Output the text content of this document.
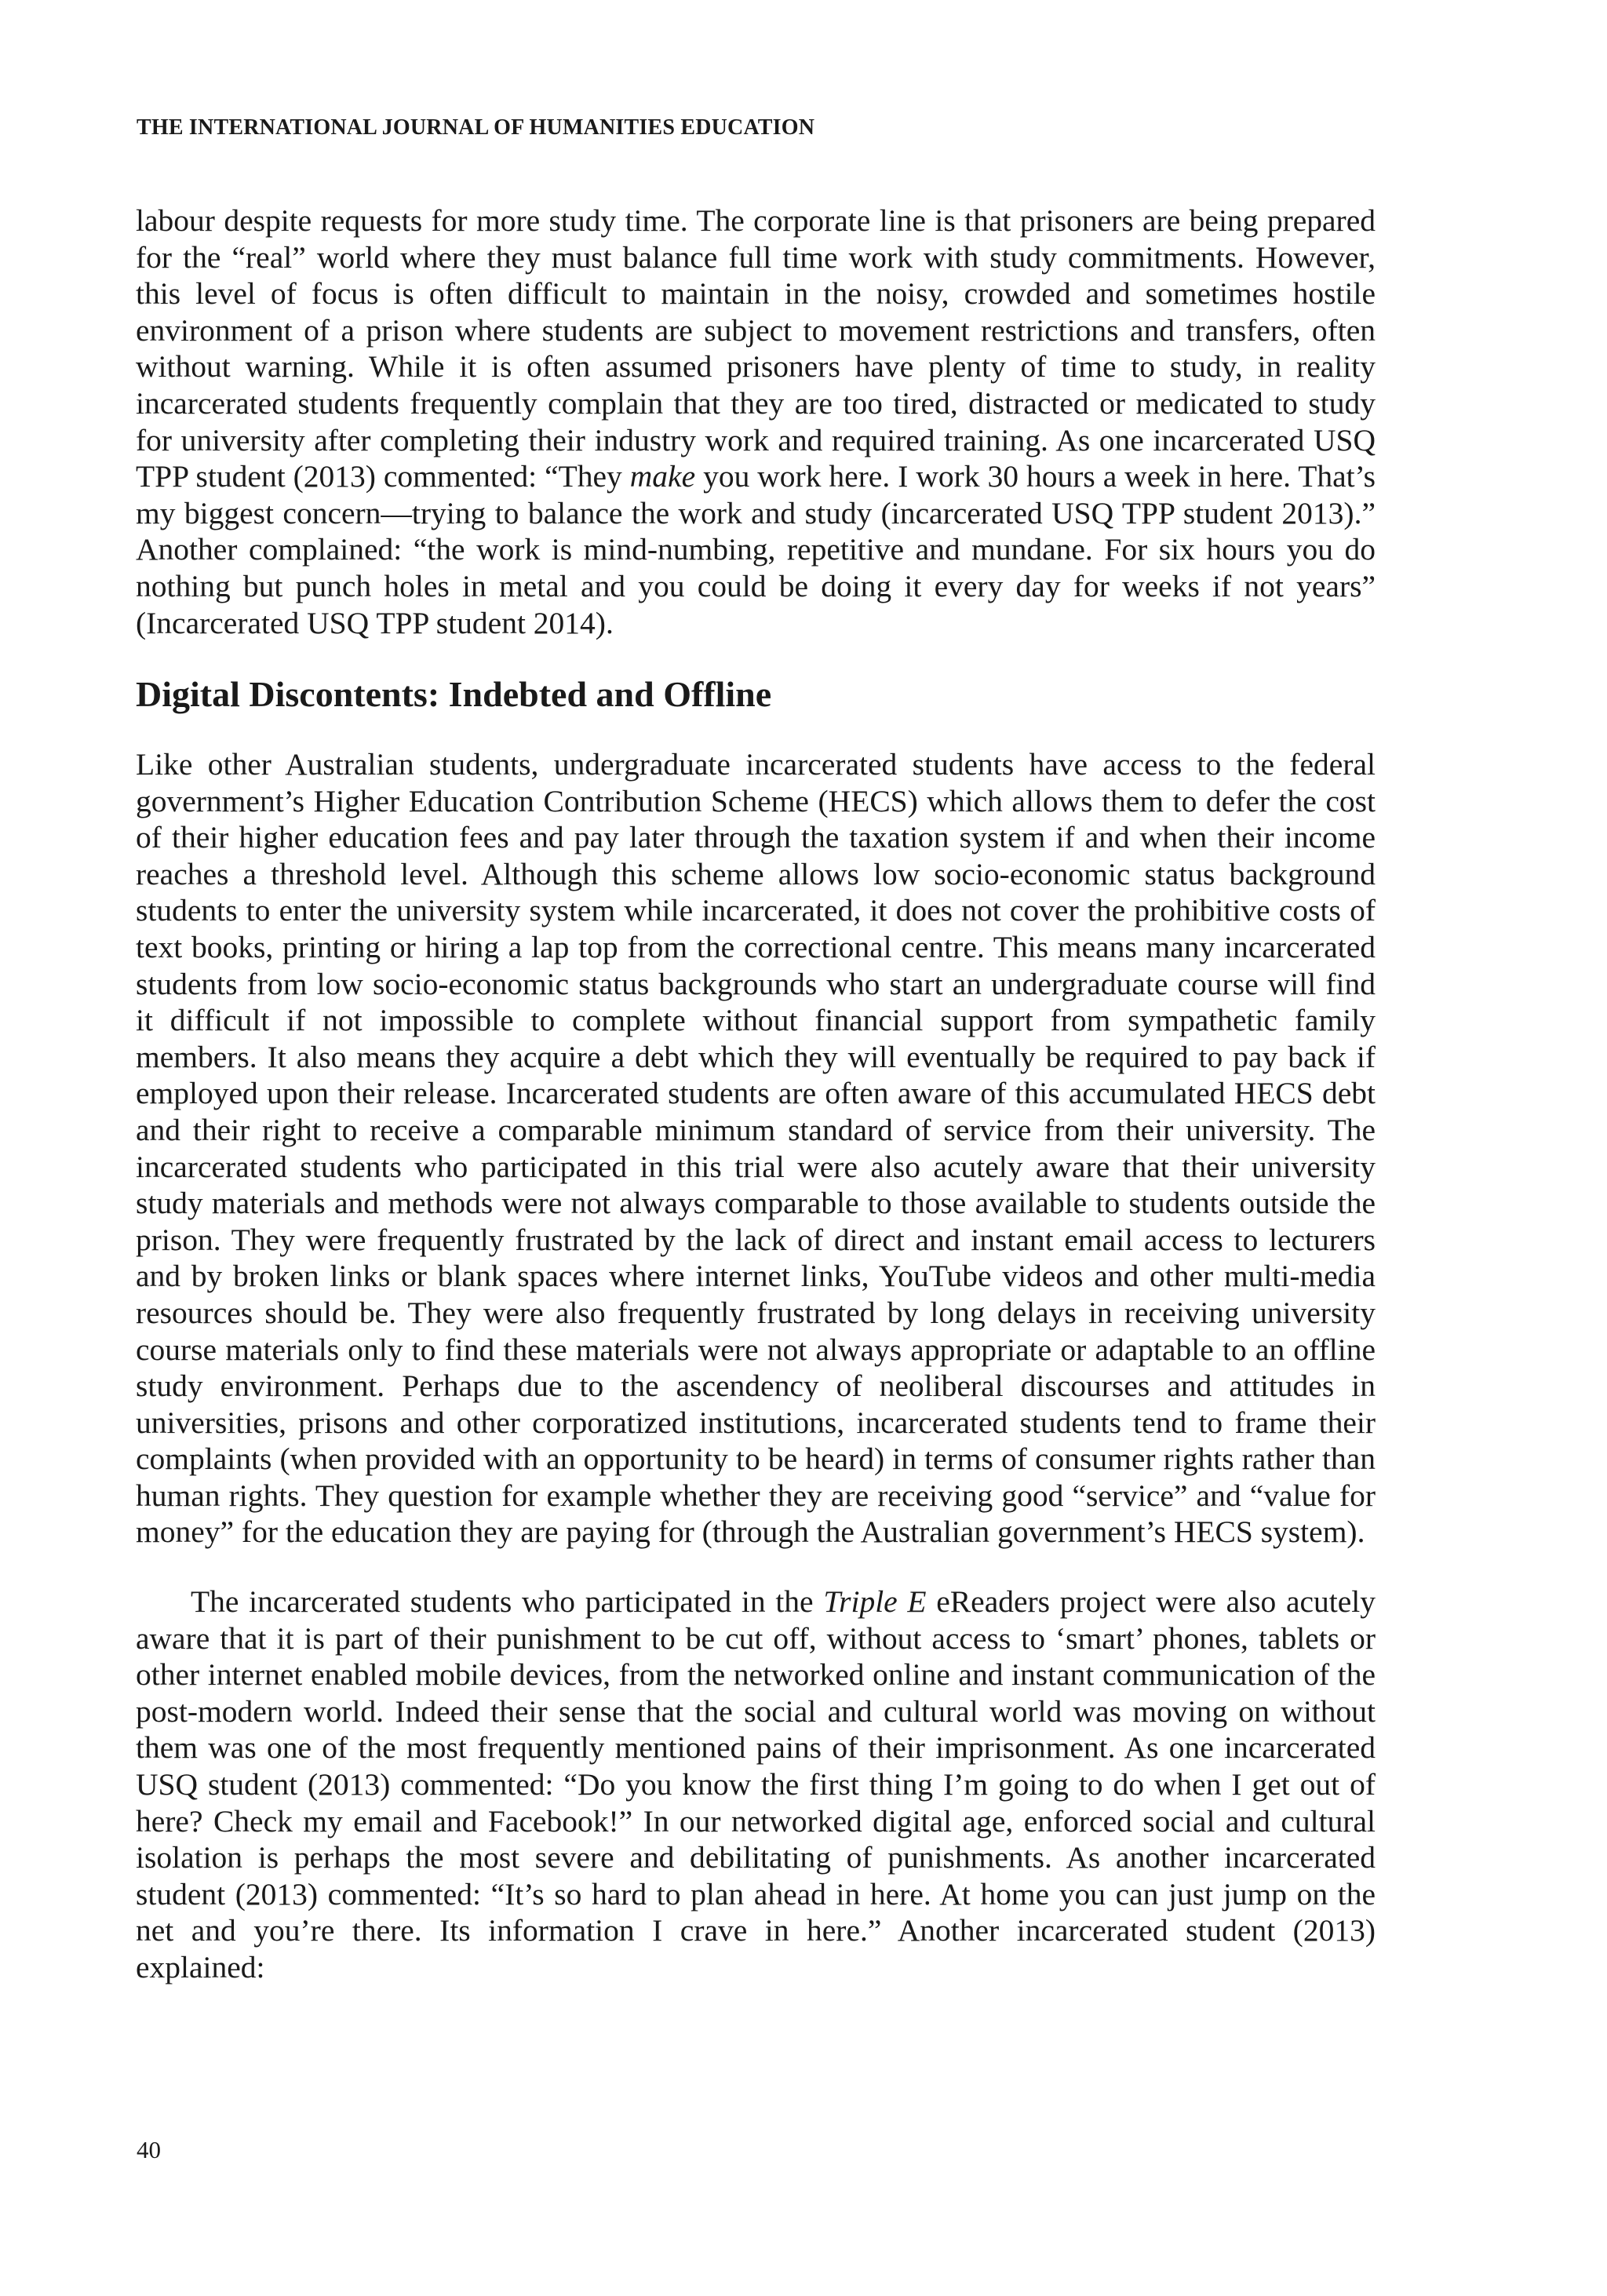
THE INTERNATIONAL JOURNAL OF HUMANITIES EDUCATION

labour despite requests for more study time. The corporate line is that prisoners are being prepared for the “real” world where they must balance full time work with study commitments. However, this level of focus is often difficult to maintain in the noisy, crowded and sometimes hostile environment of a prison where students are subject to movement restrictions and transfers, often without warning. While it is often assumed prisoners have plenty of time to study, in reality incarcerated students frequently complain that they are too tired, distracted or medicated to study for university after completing their industry work and required training. As one incarcerated USQ TPP student (2013) commented: “They make you work here. I work 30 hours a week in here. That’s my biggest concern—trying to balance the work and study (incarcerated USQ TPP student 2013).” Another complained: “the work is mind-numbing, repetitive and mundane. For six hours you do nothing but punch holes in metal and you could be doing it every day for weeks if not years” (Incarcerated USQ TPP student 2014).

Digital Discontents: Indebted and Offline

Like other Australian students, undergraduate incarcerated students have access to the federal government’s Higher Education Contribution Scheme (HECS) which allows them to defer the cost of their higher education fees and pay later through the taxation system if and when their income reaches a threshold level. Although this scheme allows low socio-economic status background students to enter the university system while incarcerated, it does not cover the prohibitive costs of text books, printing or hiring a lap top from the correctional centre. This means many incarcerated students from low socio-economic status backgrounds who start an undergraduate course will find it difficult if not impossible to complete without financial support from sympathetic family members. It also means they acquire a debt which they will eventually be required to pay back if employed upon their release. Incarcerated students are often aware of this accumulated HECS debt and their right to receive a comparable minimum standard of service from their university. The incarcerated students who participated in this trial were also acutely aware that their university study materials and methods were not always comparable to those available to students outside the prison. They were frequently frustrated by the lack of direct and instant email access to lecturers and by broken links or blank spaces where internet links, YouTube videos and other multi-media resources should be. They were also frequently frustrated by long delays in receiving university course materials only to find these materials were not always appropriate or adaptable to an offline study environment. Perhaps due to the ascendency of neoliberal discourses and attitudes in universities, prisons and other corporatized institutions, incarcerated students tend to frame their complaints (when provided with an opportunity to be heard) in terms of consumer rights rather than human rights. They question for example whether they are receiving good “service” and “value for money” for the education they are paying for (through the Australian government’s HECS system).

The incarcerated students who participated in the Triple E eReaders project were also acutely aware that it is part of their punishment to be cut off, without access to ‘smart’ phones, tablets or other internet enabled mobile devices, from the networked online and instant communication of the post-modern world. Indeed their sense that the social and cultural world was moving on without them was one of the most frequently mentioned pains of their imprisonment. As one incarcerated USQ student (2013) commented: “Do you know the first thing I’m going to do when I get out of here? Check my email and Facebook!” In our networked digital age, enforced social and cultural isolation is perhaps the most severe and debilitating of punishments. As another incarcerated student (2013) commented: “It’s so hard to plan ahead in here. At home you can just jump on the net and you’re there. Its information I crave in here.” Another incarcerated student (2013) explained:

40
